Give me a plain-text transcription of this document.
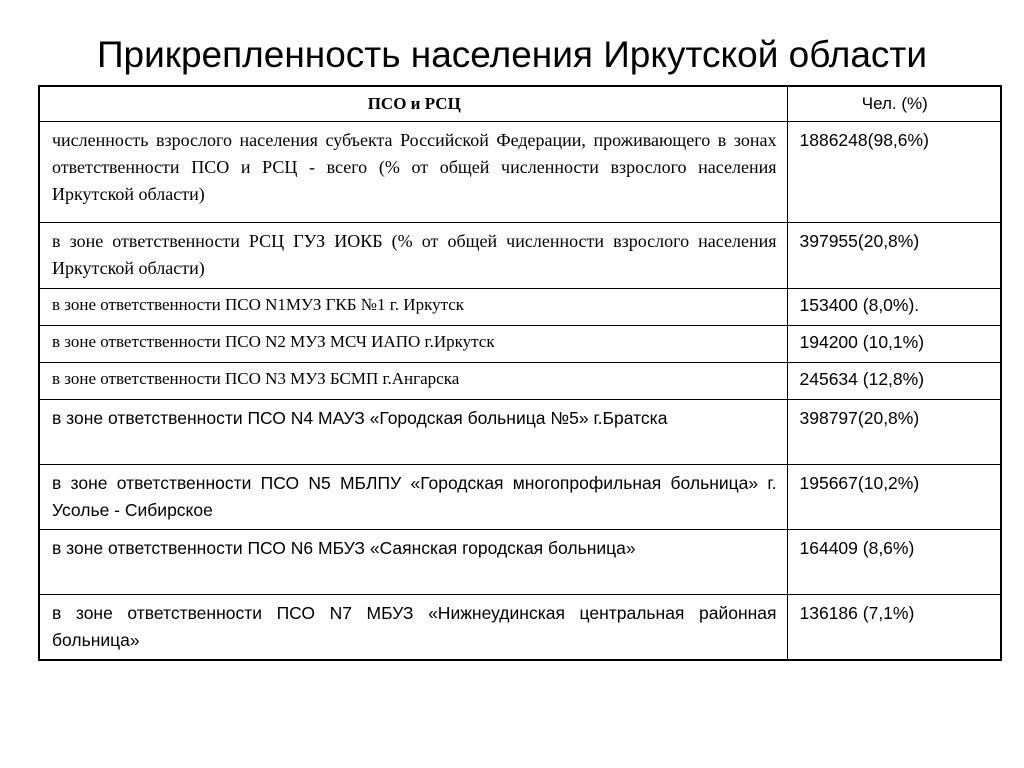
Прикрепленность населения Иркутской области
ПСО и РСЦ	Чел. (%)
численность взрослого населения субъекта Российской Федерации, проживающего в зонах ответственности ПСО и РСЦ - всего (% от общей численности взрослого населения Иркутской области)	1886248(98,6%)
в зоне ответственности РСЦ ГУЗ ИОКБ (% от общей численности взрослого населения Иркутской области)	397955(20,8%)
в зоне ответственности ПСО N1МУЗ ГКБ №1 г. Иркутск	153400 (8,0%).
в зоне ответственности ПСО N2 МУЗ МСЧ ИАПО г.Иркутск	194200 (10,1%)
в зоне ответственности ПСО N3 МУЗ БСМП г.Ангарска	245634 (12,8%)
в зоне ответственности ПСО N4 МАУЗ «Городская больница №5» г.Братска	398797(20,8%)
в зоне ответственности ПСО N5 МБЛПУ «Городская многопрофильная больница» г. Усолье - Сибирское	195667(10,2%)
в зоне ответственности ПСО N6 МБУЗ «Саянская городская больница»	164409 (8,6%)
в зоне ответственности ПСО N7 МБУЗ «Нижнеудинская центральная районная больница»	136186 (7,1%)
